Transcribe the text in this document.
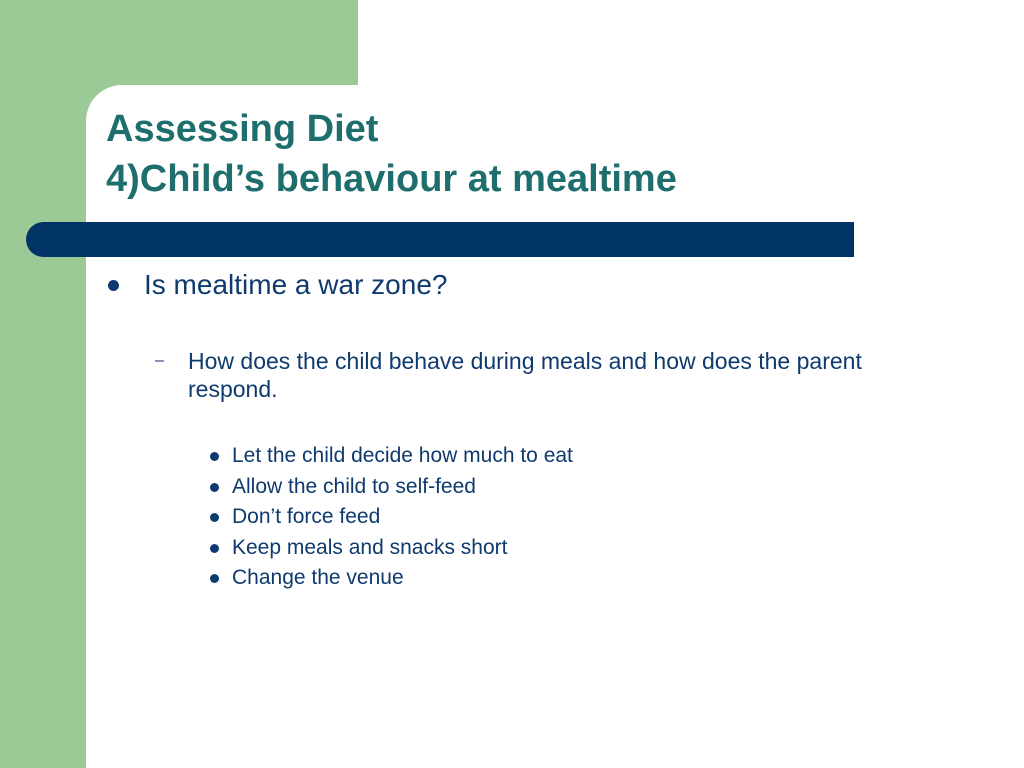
Assessing Diet
4)Child’s behaviour at mealtime
Is mealtime a war zone?
– How does the child behave during meals and how does the parent respond.
Let the child decide how much to eat
Allow the child to self-feed
Don’t force feed
Keep meals and snacks short
Change the venue
